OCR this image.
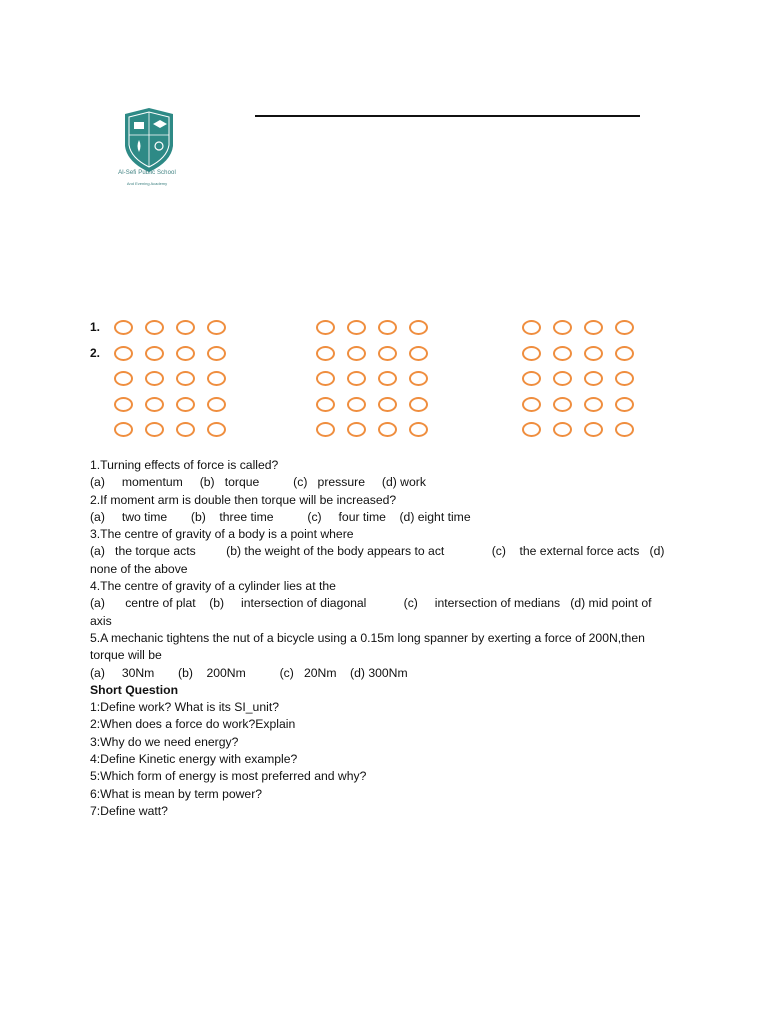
Al-Sefi Public School
And Evening Academy
1.
2.
1.Turning effects of force is called?
(a)     momentum     (b)   torque          (c)   pressure     (d) work
2.If moment arm is double then torque will be increased?
(a)     two time       (b)    three time          (c)     four time    (d) eight time
3.The centre of gravity of a body is a point where
(a)   the torque acts         (b) the weight of the body appears to act              (c)    the external force acts   (d)
none of the above
4.The centre of gravity of a cylinder lies at the
(a)      centre of plat    (b)     intersection of diagonal           (c)     intersection of medians   (d) mid point of
axis
5.A mechanic tightens the nut of a bicycle using a 0.15m long spanner by exerting a force of 200N,then
torque will be
(a)     30Nm       (b)    200Nm          (c)   20Nm    (d) 300Nm
Short Question
1:Define work? What is its SI_unit?
2:When does a force do work?Explain
3:Why do we need energy?
4:Define Kinetic energy with example?
5:Which form of energy is most preferred and why?
6:What is mean by term power?
7:Define watt?
